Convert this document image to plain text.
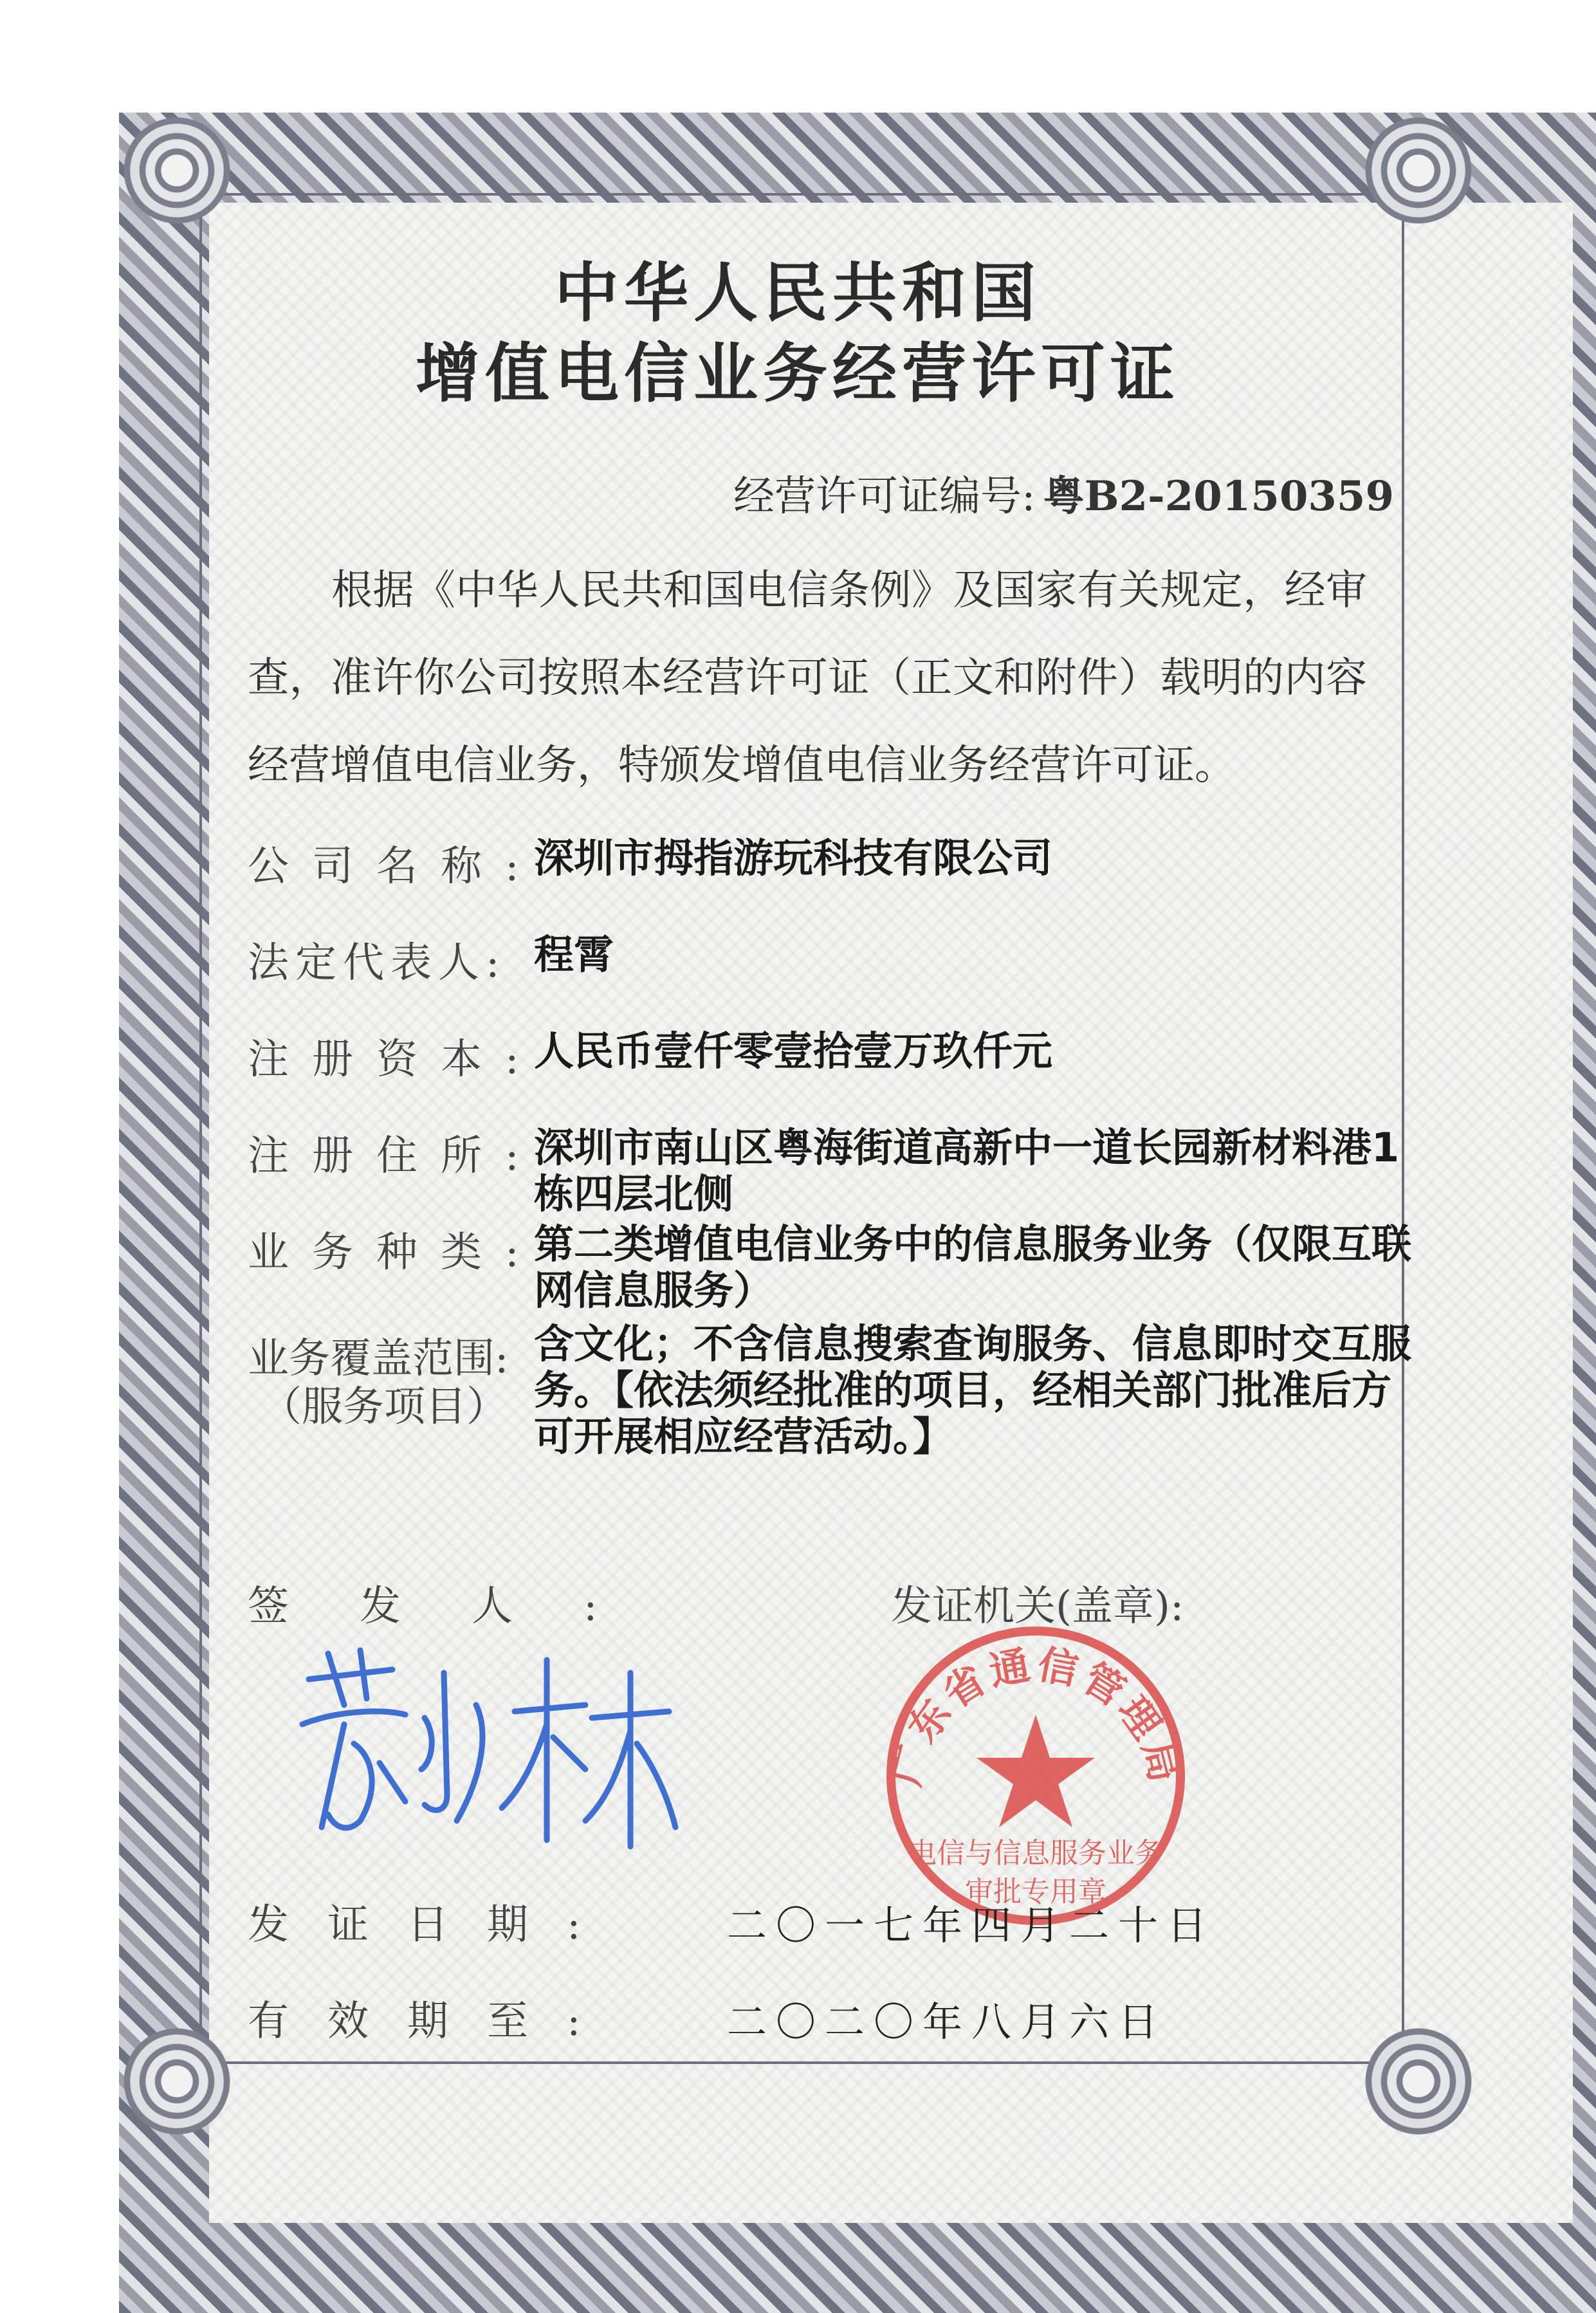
中华人民共和国
增值电信业务经营许可证
经营许可证编号: 粤B2-20150359
根据《中华人民共和国电信条例》及国家有关规定，经审查，准许你公司按照本经营许可证（正文和附件）载明的内容经营增值电信业务，特颁发增值电信业务经营许可证。
公司名称:
深圳市拇指游玩科技有限公司
法定代表人: 程霄
注册资本:
人民币壹仟零壹拾壹万玖仟元
注册住所:
深圳市南山区粤海街道高新中一道长园新材料港1栋四层北侧
业务种类:
第二类增值电信业务中的信息服务业务（仅限互联网信息服务）
业务覆盖范围:
（服务项目）
含文化；不含信息搜索查询服务、信息即时交互服务。【依法须经批准的项目，经相关部门批准后方可开展相应经营活动。】
签发人:	发证机关(盖章):
广东省通信管理局
电信与信息服务业务
审批专用章
发证日期:	二〇一七年四月二十日
有效期至:	二〇二〇年八月六日
